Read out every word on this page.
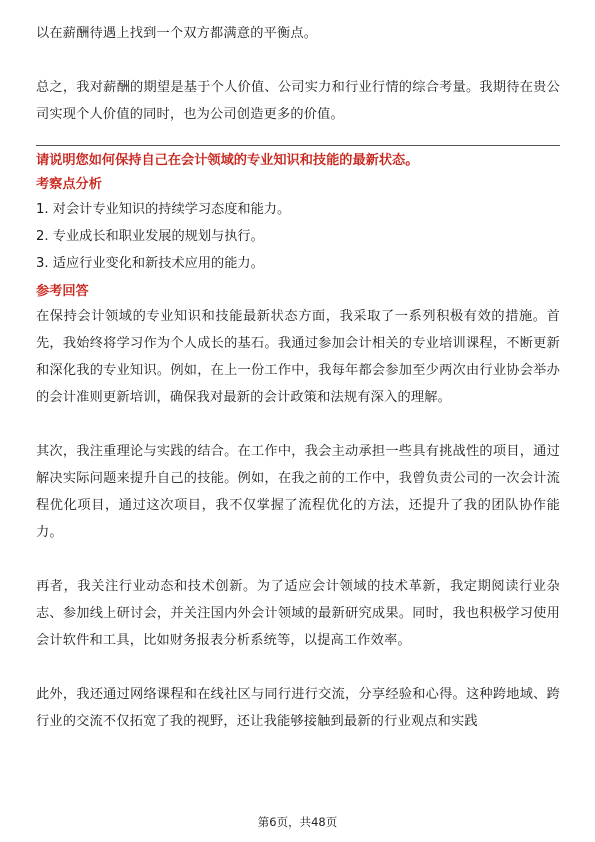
以在薪酬待遇上找到一个双方都满意的平衡点。

总之，我对薪酬的期望是基于个人价值、公司实力和行业行情的综合考量。我期待在贵公司实现个人价值的同时，也为公司创造更多的价值。

请说明您如何保持自己在会计领域的专业知识和技能的最新状态。

考察点分析

1. 对会计专业知识的持续学习态度和能力。

2. 专业成长和职业发展的规划与执行。

3. 适应行业变化和新技术应用的能力。

参考回答

在保持会计领域的专业知识和技能最新状态方面，我采取了一系列积极有效的措施。首先，我始终将学习作为个人成长的基石。我通过参加会计相关的专业培训课程，不断更新和深化我的专业知识。例如，在上一份工作中，我每年都会参加至少两次由行业协会举办的会计准则更新培训，确保我对最新的会计政策和法规有深入的理解。

其次，我注重理论与实践的结合。在工作中，我会主动承担一些具有挑战性的项目，通过解决实际问题来提升自己的技能。例如，在我之前的工作中，我曾负责公司的一次会计流程优化项目，通过这次项目，我不仅掌握了流程优化的方法，还提升了我的团队协作能力。

再者，我关注行业动态和技术创新。为了适应会计领域的技术革新，我定期阅读行业杂志、参加线上研讨会，并关注国内外会计领域的最新研究成果。同时，我也积极学习使用会计软件和工具，比如财务报表分析系统等，以提高工作效率。

此外，我还通过网络课程和在线社区与同行进行交流，分享经验和心得。这种跨地域、跨行业的交流不仅拓宽了我的视野，还让我能够接触到最新的行业观点和实践

第6页，共48页
